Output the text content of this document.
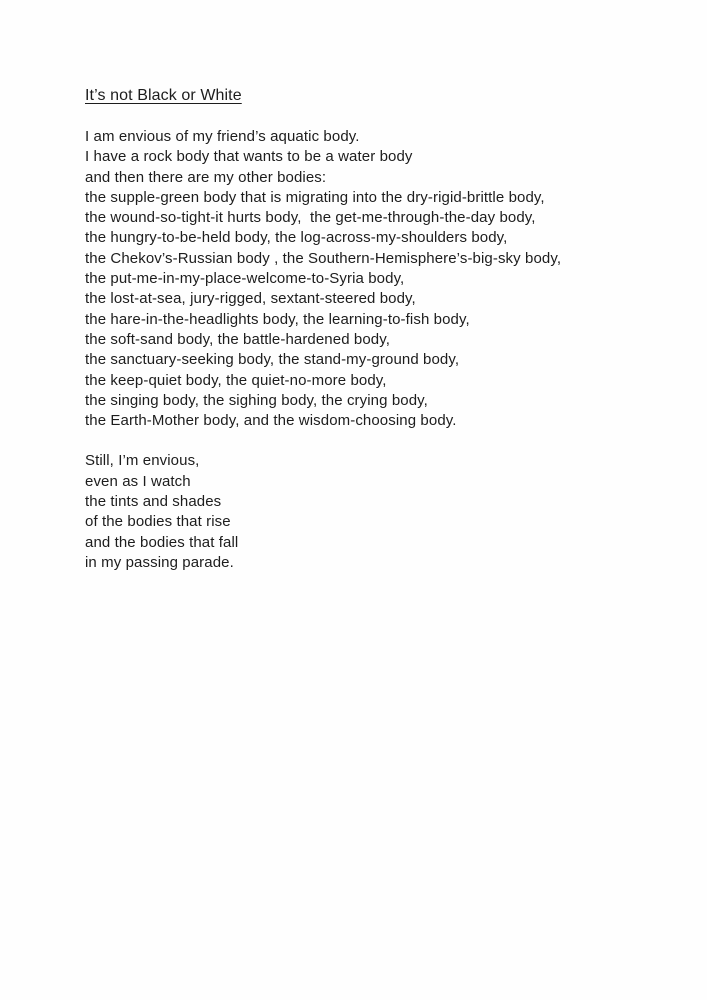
It’s not Black or White
I am envious of my friend’s aquatic body.
I have a rock body that wants to be a water body
and then there are my other bodies:
the supple-green body that is migrating into the dry-rigid-brittle body,
the wound-so-tight-it hurts body,  the get-me-through-the-day body,
the hungry-to-be-held body, the log-across-my-shoulders body,
the Chekov’s-Russian body , the Southern-Hemisphere’s-big-sky body,
the put-me-in-my-place-welcome-to-Syria body,
the lost-at-sea, jury-rigged, sextant-steered body,
the hare-in-the-headlights body, the learning-to-fish body,
the soft-sand body, the battle-hardened body,
the sanctuary-seeking body, the stand-my-ground body,
the keep-quiet body, the quiet-no-more body,
the singing body, the sighing body, the crying body,
the Earth-Mother body, and the wisdom-choosing body.
Still, I’m envious,
even as I watch
the tints and shades
of the bodies that rise
and the bodies that fall
in my passing parade.
